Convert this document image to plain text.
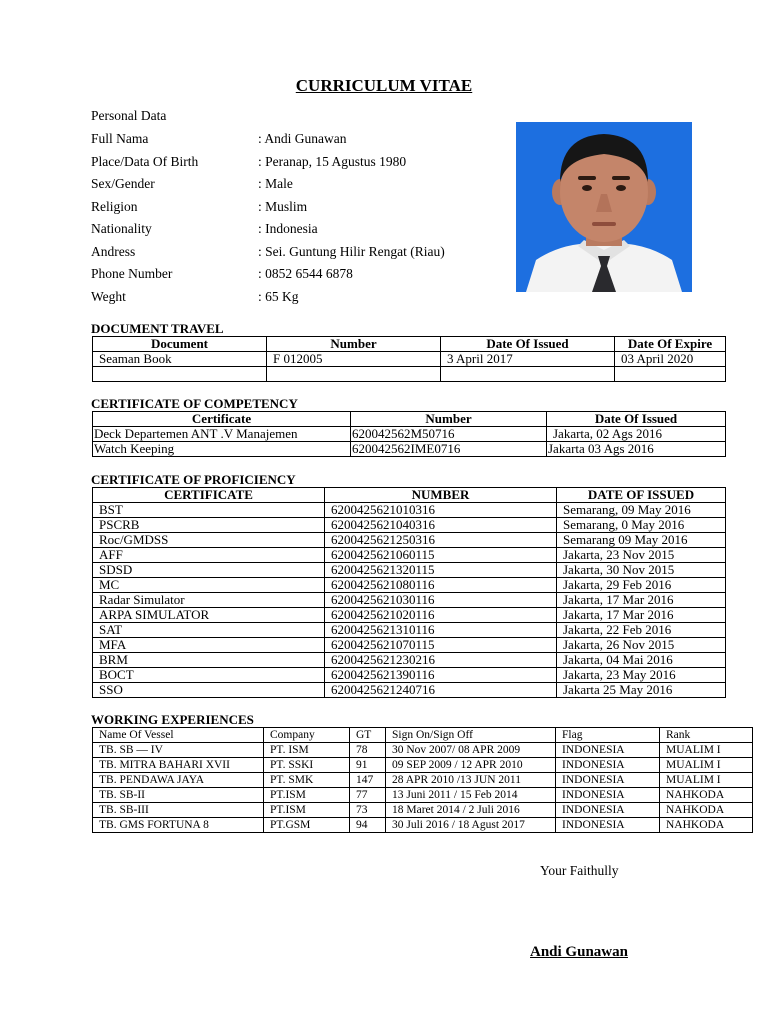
CURRICULUM VITAE
Personal Data
Full Nama	: Andi Gunawan
Place/Data Of Birth	: Peranap, 15 Agustus 1980
Sex/Gender	: Male
Religion	: Muslim
Nationality	: Indonesia
Andress	: Sei. Guntung Hilir Rengat (Riau)
Phone Number	: 0852 6544 6878
Weght	: 65 Kg
DOCUMENT TRAVEL
Document	Number	Date Of Issued	Date Of Expire
Seaman Book	F 012005	3 April 2017	03 April 2020

CERTIFICATE OF COMPETENCY
Certificate	Number	Date Of Issued
Deck Departemen ANT .V Manajemen	620042562M50716	Jakarta, 02 Ags 2016
Watch Keeping	620042562IME0716	Jakarta 03 Ags 2016
CERTIFICATE OF PROFICIENCY
CERTIFICATE	NUMBER	DATE OF ISSUED
BST	6200425621010316	Semarang, 09 May 2016
PSCRB	6200425621040316	Semarang, 0 May 2016
Roc/GMDSS	6200425621250316	Semarang 09 May 2016
AFF	6200425621060115	Jakarta, 23 Nov 2015
SDSD	6200425621320115	Jakarta, 30 Nov 2015
MC	6200425621080116	Jakarta, 29 Feb 2016
Radar Simulator	6200425621030116	Jakarta, 17 Mar 2016
ARPA SIMULATOR	6200425621020116	Jakarta, 17 Mar 2016
SAT	6200425621310116	Jakarta, 22 Feb 2016
MFA	6200425621070115	Jakarta, 26 Nov 2015
BRM	6200425621230216	Jakarta, 04 Mai 2016
BOCT	6200425621390116	Jakarta, 23 May 2016
SSO	6200425621240716	Jakarta 25 May 2016
WORKING EXPERIENCES
Name Of Vessel	Company	GT	Sign On/Sign Off	Flag	Rank
TB. SB — IV	PT. ISM	78	30 Nov 2007/ 08 APR 2009	INDONESIA	MUALIM I
TB. MITRA BAHARI XVII	PT. SSKI	91	09 SEP 2009 / 12 APR 2010	INDONESIA	MUALIM I
TB. PENDAWA JAYA	PT. SMK	147	28 APR 2010 /13 JUN 2011	INDONESIA	MUALIM I
TB. SB-II	PT.ISM	77	13 Juni 2011 / 15 Feb 2014	INDONESIA	NAHKODA
TB. SB-III	PT.ISM	73	18 Maret 2014 / 2 Juli 2016	INDONESIA	NAHKODA
TB. GMS FORTUNA 8	PT.GSM	94	30 Juli 2016 / 18 Agust 2017	INDONESIA	NAHKODA
Your Faithully
Andi Gunawan
